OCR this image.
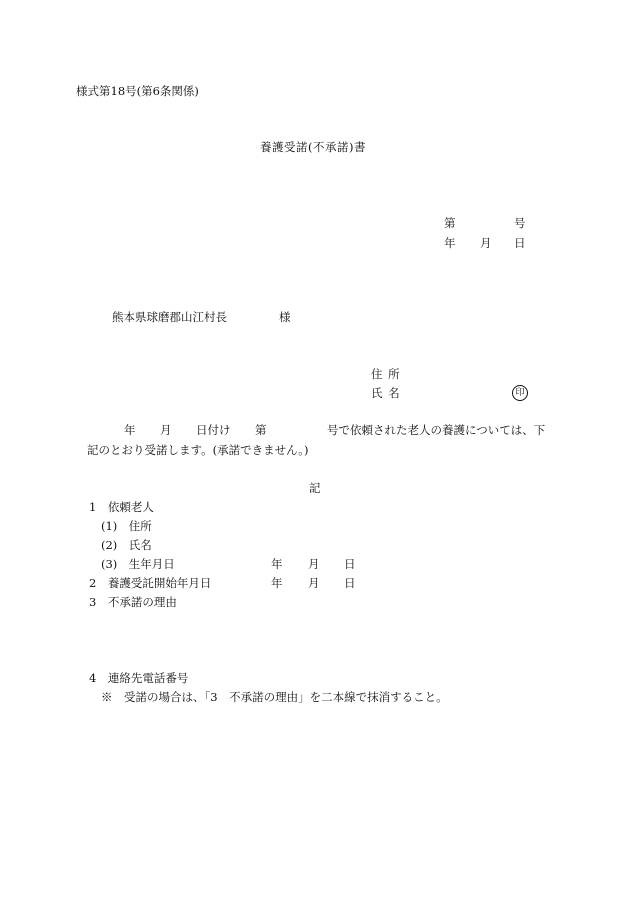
様式第18号(第6条関係)
養護受諾(不承諾)書
第	号
年 月 日
熊本県球磨郡山江村長	様
住 所
氏 名	印
年 月 日付け 第	号で依頼された老人の養護については、下
記のとおり受諾します。(承諾できません。)
記
1　依頼老人
(1)　住所
(2)　氏名
(3)　生年月日	年 月 日
2　養護受託開始年月日	年 月 日
3　不承諾の理由
4　連絡先電話番号
※　受諾の場合は、「3　不承諾の理由」を二本線で抹消すること。
